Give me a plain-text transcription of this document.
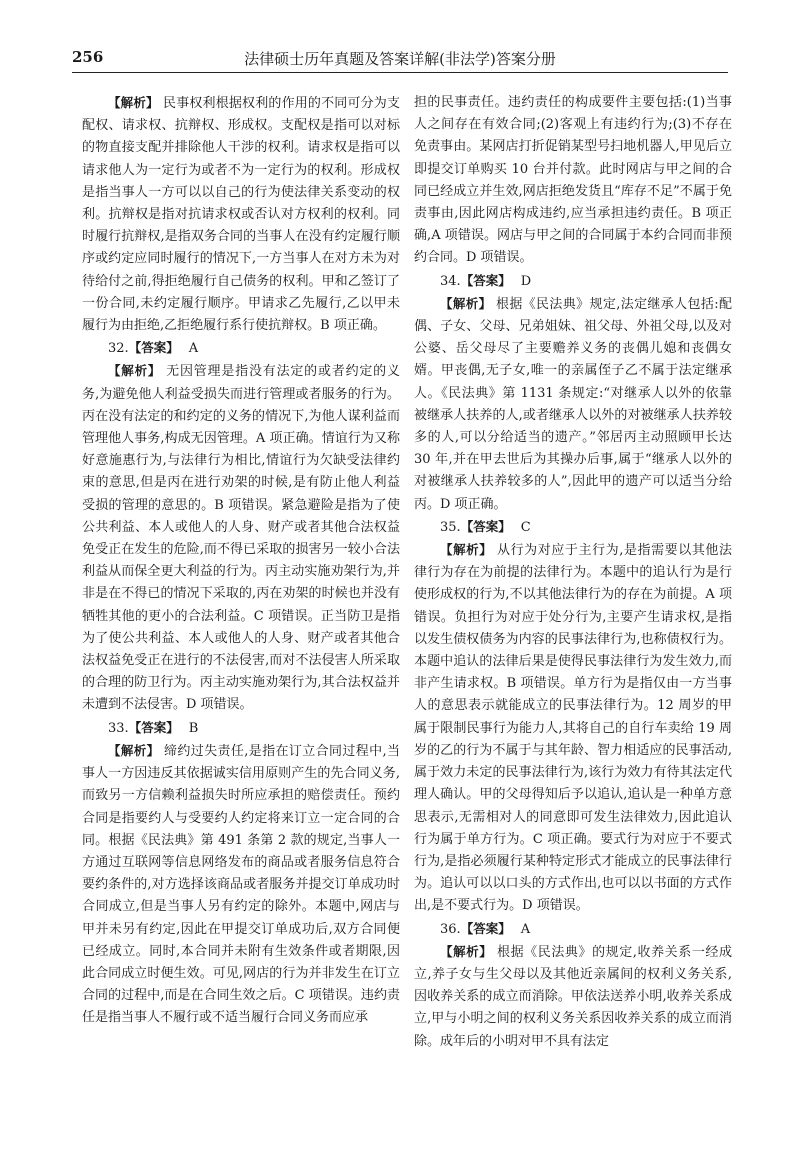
256	法律硕士历年真题及答案详解(非法学)答案分册

【解析】 民事权利根据权利的作用的不同可分为支配权、请求权、抗辩权、形成权。支配权是指可以对标的物直接支配并排除他人干涉的权利。请求权是指可以请求他人为一定行为或者不为一定行为的权利。形成权是指当事人一方可以以自己的行为使法律关系变动的权利。抗辩权是指对抗请求权或否认对方权利的权利。同时履行抗辩权,是指双务合同的当事人在没有约定履行顺序或约定应同时履行的情况下,一方当事人在对方未为对待给付之前,得拒绝履行自己债务的权利。甲和乙签订了一份合同,未约定履行顺序。甲请求乙先履行,乙以甲未履行为由拒绝,乙拒绝履行系行使抗辩权。B 项正确。

32.【答案】 A

【解析】 无因管理是指没有法定的或者约定的义务,为避免他人利益受损失而进行管理或者服务的行为。丙在没有法定的和约定的义务的情况下,为他人谋利益而管理他人事务,构成无因管理。A 项正确。情谊行为又称好意施惠行为,与法律行为相比,情谊行为欠缺受法律约束的意思,但是丙在进行劝架的时候,是有防止他人利益受损的管理的意思的。B 项错误。紧急避险是指为了使公共利益、本人或他人的人身、财产或者其他合法权益免受正在发生的危险,而不得已采取的损害另一较小合法利益从而保全更大利益的行为。丙主动实施劝架行为,并非是在不得已的情况下采取的,丙在劝架的时候也并没有牺牲其他的更小的合法利益。C 项错误。正当防卫是指为了使公共利益、本人或他人的人身、财产或者其他合法权益免受正在进行的不法侵害,而对不法侵害人所采取的合理的防卫行为。丙主动实施劝架行为,其合法权益并未遭到不法侵害。D 项错误。

33.【答案】 B

【解析】 缔约过失责任,是指在订立合同过程中,当事人一方因违反其依据诚实信用原则产生的先合同义务,而致另一方信赖利益损失时所应承担的赔偿责任。预约合同是指要约人与受要约人约定将来订立一定合同的合同。根据《民法典》第 491 条第 2 款的规定,当事人一方通过互联网等信息网络发布的商品或者服务信息符合要约条件的,对方选择该商品或者服务并提交订单成功时合同成立,但是当事人另有约定的除外。本题中,网店与甲并未另有约定,因此在甲提交订单成功后,双方合同便已经成立。同时,本合同并未附有生效条件或者期限,因此合同成立时便生效。可见,网店的行为并非发生在订立合同的过程中,而是在合同生效之后。C 项错误。违约责任是指当事人不履行或不适当履行合同义务而应承

担的民事责任。违约责任的构成要件主要包括:(1)当事人之间存在有效合同;(2)客观上有违约行为;(3)不存在免责事由。某网店打折促销某型号扫地机器人,甲见后立即提交订单购买 10 台并付款。此时网店与甲之间的合同已经成立并生效,网店拒绝发货且“库存不足”不属于免责事由,因此网店构成违约,应当承担违约责任。B 项正确,A 项错误。网店与甲之间的合同属于本约合同而非预约合同。D 项错误。

34.【答案】 D

【解析】 根据《民法典》规定,法定继承人包括:配偶、子女、父母、兄弟姐妹、祖父母、外祖父母,以及对公婆、岳父母尽了主要赡养义务的丧偶儿媳和丧偶女婿。甲丧偶,无子女,唯一的亲属侄子乙不属于法定继承人。《民法典》第 1131 条规定:“对继承人以外的依靠被继承人扶养的人,或者继承人以外的对被继承人扶养较多的人,可以分给适当的遗产。”邻居丙主动照顾甲长达 30 年,并在甲去世后为其操办后事,属于“继承人以外的对被继承人扶养较多的人”,因此甲的遗产可以适当分给丙。D 项正确。

35.【答案】 C

【解析】 从行为对应于主行为,是指需要以其他法律行为存在为前提的法律行为。本题中的追认行为是行使形成权的行为,不以其他法律行为的存在为前提。A 项错误。负担行为对应于处分行为,主要产生请求权,是指以发生债权债务为内容的民事法律行为,也称债权行为。本题中追认的法律后果是使得民事法律行为发生效力,而非产生请求权。B 项错误。单方行为是指仅由一方当事人的意思表示就能成立的民事法律行为。12 周岁的甲属于限制民事行为能力人,其将自己的自行车卖给 19 周岁的乙的行为不属于与其年龄、智力相适应的民事活动,属于效力未定的民事法律行为,该行为效力有待其法定代理人确认。甲的父母得知后予以追认,追认是一种单方意思表示,无需相对人的同意即可发生法律效力,因此追认行为属于单方行为。C 项正确。要式行为对应于不要式行为,是指必须履行某种特定形式才能成立的民事法律行为。追认可以以口头的方式作出,也可以以书面的方式作出,是不要式行为。D 项错误。

36.【答案】 A

【解析】 根据《民法典》的规定,收养关系一经成立,养子女与生父母以及其他近亲属间的权利义务关系,因收养关系的成立而消除。甲依法送养小明,收养关系成立,甲与小明之间的权利义务关系因收养关系的成立而消除。成年后的小明对甲不具有法定
